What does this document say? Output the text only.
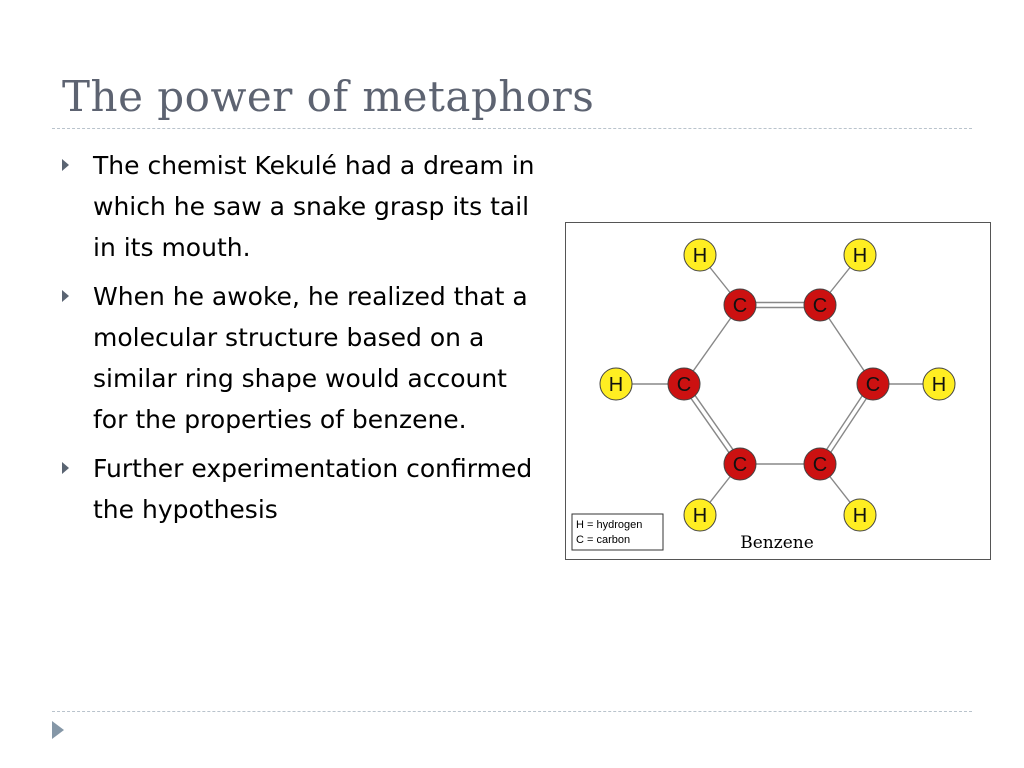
The power of metaphors
The chemist Kekulé had a dream in which he saw a snake grasp its tail in its mouth.
When he awoke, he realized that a molecular structure based on a similar ring shape would account for the properties of benzene.
Further experimentation confirmed the hypothesis
C	C
C
C
C
C
H	H
H
H
H
H
H = hydrogen
C = carbon	Benzene
